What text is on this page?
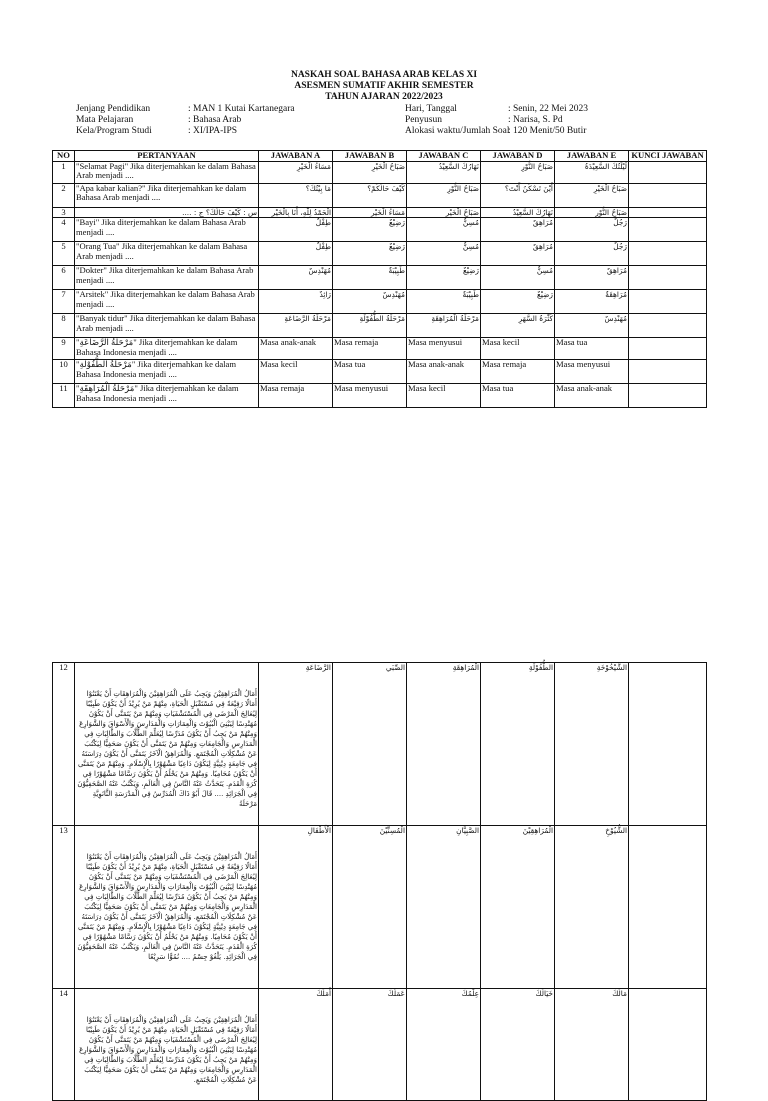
NASKAH SOAL BAHASA ARAB KELAS XI
ASESMEN SUMATIF AKHIR SEMESTER
TAHUN AJARAN 2022/2023
Jenjang Pendidikan	: MAN 1 Kutai Kartanegara
Mata Pelajaran	: Bahasa Arab
Kela/Program Studi	: XI/IPA-IPS
Hari, Tanggal	: Senin, 22 Mei 2023
Penyusun	: Narisa, S. Pd
Alokasi waktu/Jumlah Soal
: 120 Menit/50 Butir
NO	PERTANYAAN	JAWABAN A	JAWABAN B	JAWABAN C	JAWABAN D	JAWABAN E	KUNCI JAWABAN
1	"Selamat Pagi" Jika diterjemahkan ke dalam Bahasa Arab menjadi ....	مَسَاءُ الْخَيْرِ	صَبَاحُ الْخَيْرِ	نَهَارُكَ السَّعِيْدُ	صَبَاحُ النُّوْرِ	لَيْلَتُكَ السَّعِيْدَةُ	
2	"Apa kabar kalian?" Jika diterjemahkan ke dalam Bahasa Arab menjadi ....	مَا بِيْتُكَ؟	كَيْفَ حَالُكُمْ؟	صَبَاحُ النُّوْرِ	أَيْنَ تَسْكُنُ أَنْتَ؟	صَبَاحُ الْخَيْرِ	
3	س : كَيْفَ حَالُكَ؟ ج : ....	الْحَمْدُ لِلّٰهِ، أَنَا بِالْخَيْرِ	مَسَاءُ الْخَيْرِ	صَبَاحُ الْخَيْرِ	نَهَارُكَ السَّعِيْدُ	صَبَاحُ النُّوْرِ	
4	"Bayi" Jika diterjemahkan ke dalam Bahasa Arab menjadi ....	طِفْلٌ	رَضِيْعٌ	مُسِنٌّ	مُرَاهِقٌ	رَجُلٌ	
5	"Orang Tua" Jika diterjemahkan ke dalam Bahasa Arab menjadi ....	طِفْلٌ	رَضِيْعٌ	مُسِنٌّ	مُرَاهِقٌ	رَجُلٌ	
6	"Dokter" Jika diterjemahkan ke dalam Bahasa Arab menjadi ....	مُهَنْدِسٌ	طَبِيْبَةٌ	رَضِيْعٌ	مُسِنٌّ	مُرَاهِقٌ	
7	"Arsitek" Jika diterjemahkan ke dalam Bahasa Arab menjadi ....	رَائِدٌ	مُهَنْدِسٌ	طَبِيْبَةٌ	رَضِيْعٌ	مُرَاهِقَةٌ	
8	"Banyak tidur" Jika diterjemahkan ke dalam Bahasa Arab menjadi ....	مَرْحَلَةُ الرَّضَاعَةِ	مَرْحَلَةُ الطُّفُوْلَةِ	مَرْحَلَةُ الْمُرَاهِقَةِ	كَثْرَةُ السَّهَرِ	مُهَنْدِسٌ	
9	"مَرْحَلَةُ الرَّضَاعَةِ" Jika diterjemahkan ke dalam Bahasa Indonesia menjadi ....	Masa anak-anak	Masa remaja	Masa menyusui	Masa kecil	Masa tua	
10	"مَرْحَلَةُ الطُّفُوْلَةِ" Jika diterjemahkan ke dalam Bahasa Indonesia menjadi ....	Masa kecil	Masa tua	Masa anak-anak	Masa remaja	Masa menyusui	
11	"مَرْحَلَةُ الْمُرَاهِقَةِ" Jika diterjemahkan ke dalam Bahasa Indonesia menjadi ....	Masa remaja	Masa menyusui	Masa kecil	Masa tua	Masa anak-anak	
12	أَمَالُ الْمُرَاهِقِيْنَ وَيَجِبُ عَلَى الْمُرَاهِقِيْنَ وَالْمُرَاهِقَاتِ أَنْ يَعْتَنُوْا أَمَالًا رَفِيْعَةً فِي مُسْتَقْبَلٍ الْحَيَاةِ، مِنْهُمْ مَنْ يُرِيْدُ أَنْ يَكُوْنَ طَبِيْبًا لِيُعَالِجَ الْمَرْضَى فِي الْمُسْتَشْفَيَاتِ وَمِنْهُمْ مَنْ يَتَمَنَّى أَنْ يَكُوْنَ مُهَنْدِسًا لِيَبْنِيَ الْبُيُوْتَ وَالْعِمَارَاتِ وَالْمَدَارِسَ وَالْأَسْوَاقَ وَالشَّوَارِعَ وَمِنْهُمْ مَنْ يَجِبُ أَنْ يَكُوْنَ مُدَرِّسًا لِيُعَلِّمَ الطُّلَّابَ وَالطَّالِبَاتِ فِي الْمَدَارِسِ وَالْجَامِعَاتِ وَمِنْهُمْ مَنْ يَتَمَنَّى أَنْ يَكُوْنَ صَحَفِيًّا لِيَكْتُبَ عَنْ مُشْكِلَاتِ الْمُجْتَمَعِ. وَالْمُرَاهِقُ الْآخَرُ يَتَمَنَّى أَنْ يَكُوْنَ دِرَاسَتَهُ فِي جَامِعَةٍ دِيْنِيَّةٍ لِيَكُوْنَ دَاعِيًا مَشْهُوْرًا بِالْإِسْلَامِ. وَمِنْهُمْ مَنْ يَتَمَنَّى أَنْ يَكُوْنَ مُحَامِيًا. وَمِنْهُمْ مَنْ يَحْلُمُ أَنْ يَكُوْنَ رَسَّامًا مَشْهُوْرًا فِي كُرَةِ الْقَدَمِ. يَتَحَدَّثُ عَنْهُ النَّاسُ فِي الْعَالَمِ، وَيَكْتُبُ عَنْهُ الصَّحَفِيُّوْنَ فِي الْجَرَائِدِ .... قَالَ أَبُوْ ذَاكَ الْمُدَرِّسُ فِي الْمَدْرَسَةِ الثَّانَوِيَّةِ مَرْحَلَةُ	الرَّضَاعَةِ	الصِّبَي	الْمُرَاهِقَةِ	الطُّفُوْلَةِ	الشَّيْخُوْخَةِ	
13	أَمَالُ الْمُرَاهِقِيْنَ وَيَجِبُ عَلَى الْمُرَاهِقِيْنَ وَالْمُرَاهِقَاتِ أَنْ يَعْتَنُوْا أَمَالًا رَفِيْعَةً فِي مُسْتَقْبَلٍ الْحَيَاةِ، مِنْهُمْ مَنْ يُرِيْدُ أَنْ يَكُوْنَ طَبِيْبًا لِيُعَالِجَ الْمَرْضَى فِي الْمُسْتَشْفَيَاتِ وَمِنْهُمْ مَنْ يَتَمَنَّى أَنْ يَكُوْنَ مُهَنْدِسًا لِيَبْنِيَ الْبُيُوْتَ وَالْعِمَارَاتِ وَالْمَدَارِسَ وَالْأَسْوَاقَ وَالشَّوَارِعَ وَمِنْهُمْ مَنْ يَجِبُ أَنْ يَكُوْنَ مُدَرِّسًا لِيُعَلِّمَ الطُّلَّابَ وَالطَّالِبَاتِ فِي الْمَدَارِسِ وَالْجَامِعَاتِ وَمِنْهُمْ مَنْ يَتَمَنَّى أَنْ يَكُوْنَ صَحَفِيًّا لِيَكْتُبَ عَنْ مُشْكِلَاتِ الْمُجْتَمَعِ. وَالْمُرَاهِقُ الْآخَرُ يَتَمَنَّى أَنْ يَكُوْنَ دِرَاسَتَهُ فِي جَامِعَةٍ دِيْنِيَّةٍ لِيَكُوْنَ دَاعِيًا مَشْهُوْرًا بِالْإِسْلَامِ. وَمِنْهُمْ مَنْ يَتَمَنَّى أَنْ يَكُوْنَ مُحَامِيًا. وَمِنْهُمْ مَنْ يَحْلُمُ أَنْ يَكُوْنَ رَسَّامًا مَشْهُوْرًا فِي كُرَةِ الْقَدَمِ. يَتَحَدَّثُ عَنْهُ النَّاسُ فِي الْعَالَمِ، وَيَكْتُبُ عَنْهُ الصَّحَفِيُّوْنَ فِي الْجَرَائِدِ. يَلْغُوْ جِسْمُ .... نُمُوًّا سَرِيْعًا	الْأَطْفَالِ	الْمُسِنِّيْنَ	الصَّبِيَّانِ	الْمُرَاهِقِيْنَ	الشُّيُوْخِ	
14	أَمَالُ الْمُرَاهِقِيْنَ وَيَجِبُ عَلَى الْمُرَاهِقِيْنَ وَالْمُرَاهِقَاتِ أَنْ يَعْتَنُوْا أَمَالًا رَفِيْعَةً فِي مُسْتَقْبَلٍ الْحَيَاةِ، مِنْهُمْ مَنْ يُرِيْدُ أَنْ يَكُوْنَ طَبِيْبًا لِيُعَالِجَ الْمَرْضَى فِي الْمُسْتَشْفَيَاتِ وَمِنْهُمْ مَنْ يَتَمَنَّى أَنْ يَكُوْنَ مُهَنْدِسًا لِيَبْنِيَ الْبُيُوْتَ وَالْعِمَارَاتِ وَالْمَدَارِسَ وَالْأَسْوَاقَ وَالشَّوَارِعَ وَمِنْهُمْ مَنْ يَجِبُ أَنْ يَكُوْنَ مُدَرِّسًا لِيُعَلِّمَ الطُّلَّابَ وَالطَّالِبَاتِ فِي الْمَدَارِسِ وَالْجَامِعَاتِ وَمِنْهُمْ مَنْ يَتَمَنَّى أَنْ يَكُوْنَ صَحَفِيًّا لِيَكْتُبَ عَنْ مُشْكِلَاتِ الْمُجْتَمَعِ.	أَمَلُكَ	عَمَلُكَ	عِلْمُكَ	خَيَالُكَ	مَالُكَ	
